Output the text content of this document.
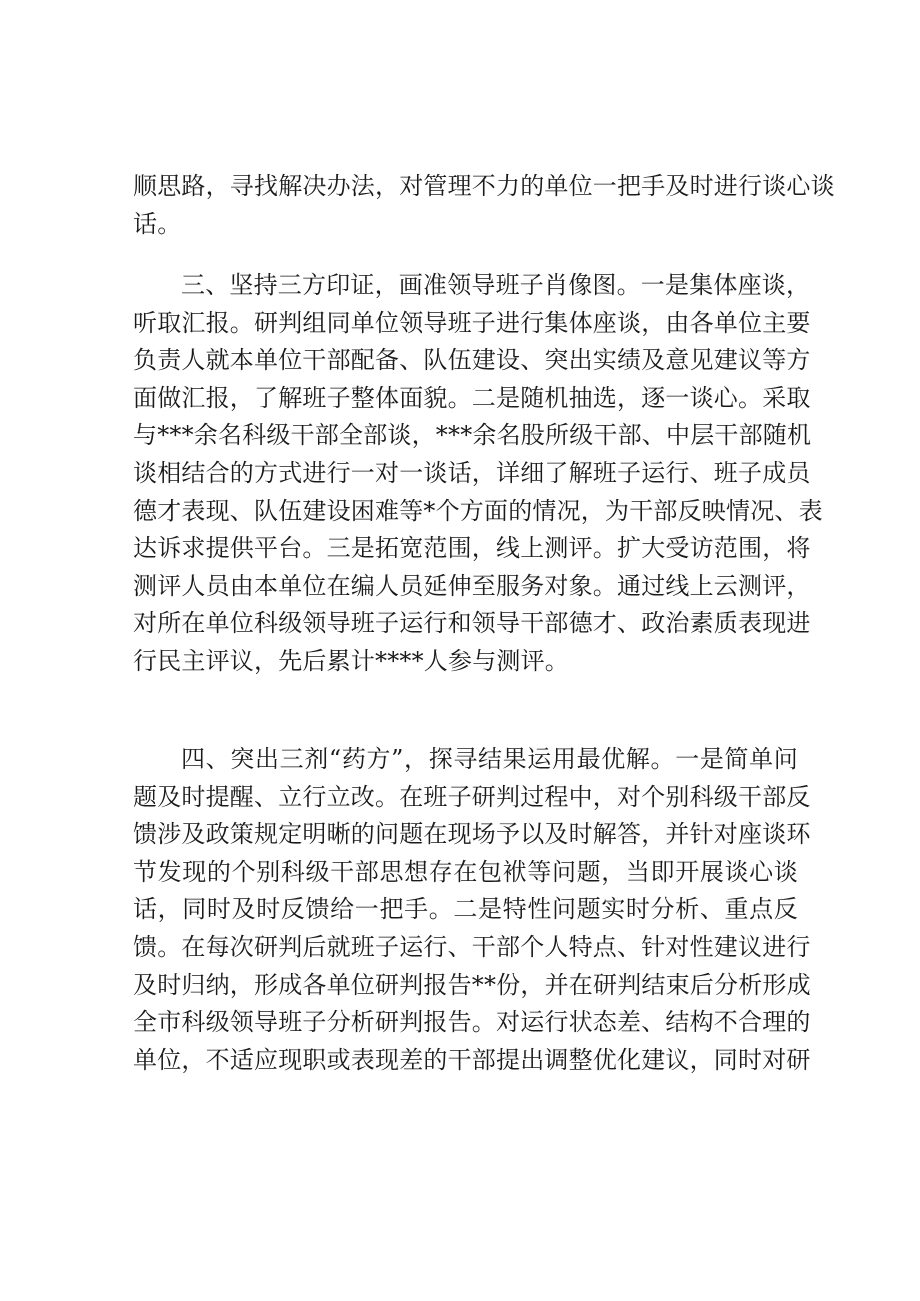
顺思路，寻找解决办法，对管理不力的单位一把手及时进行谈心谈
话。
三、坚持三方印证，画准领导班子肖像图。一是集体座谈，
听取汇报。研判组同单位领导班子进行集体座谈，由各单位主要
负责人就本单位干部配备、队伍建设、突出实绩及意见建议等方
面做汇报，了解班子整体面貌。二是随机抽选，逐一谈心。采取
与***余名科级干部全部谈，***余名股所级干部、中层干部随机
谈相结合的方式进行一对一谈话，详细了解班子运行、班子成员
德才表现、队伍建设困难等*个方面的情况，为干部反映情况、表
达诉求提供平台。三是拓宽范围，线上测评。扩大受访范围，将
测评人员由本单位在编人员延伸至服务对象。通过线上云测评，
对所在单位科级领导班子运行和领导干部德才、政治素质表现进
行民主评议，先后累计****人参与测评。
四、突出三剂“药方”，探寻结果运用最优解。一是简单问
题及时提醒、立行立改。在班子研判过程中，对个别科级干部反
馈涉及政策规定明晰的问题在现场予以及时解答，并针对座谈环
节发现的个别科级干部思想存在包袱等问题，当即开展谈心谈
话，同时及时反馈给一把手。二是特性问题实时分析、重点反
馈。在每次研判后就班子运行、干部个人特点、针对性建议进行
及时归纳，形成各单位研判报告**份，并在研判结束后分析形成
全市科级领导班子分析研判报告。对运行状态差、结构不合理的
单位，不适应现职或表现差的干部提出调整优化建议，同时对研
